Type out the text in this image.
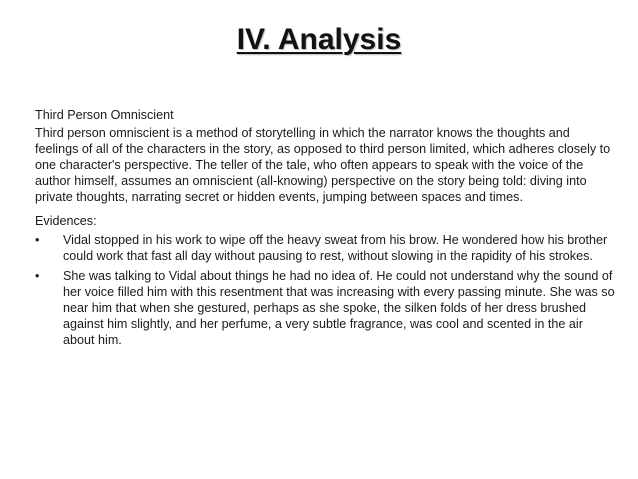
IV. Analysis

Third Person Omniscient

Third person omniscient is a method of storytelling in which the narrator knows the thoughts and feelings of all of the characters in the story, as opposed to third person limited, which adheres closely to one character's perspective. The teller of the tale, who often appears to speak with the voice of the author himself, assumes an omniscient (all-knowing) perspective on the story being told: diving into private thoughts, narrating secret or hidden events, jumping between spaces and times.

Evidences:

• Vidal stopped in his work to wipe off the heavy sweat from his brow. He wondered how his brother could work that fast all day without pausing to rest, without slowing in the rapidity of his strokes.
• She was talking to Vidal about things he had no idea of. He could not understand why the sound of her voice filled him with this resentment that was increasing with every passing minute. She was so near him that when she gestured, perhaps as she spoke, the silken folds of her dress brushed against him slightly, and her perfume, a very subtle fragrance, was cool and scented in the air about him.
